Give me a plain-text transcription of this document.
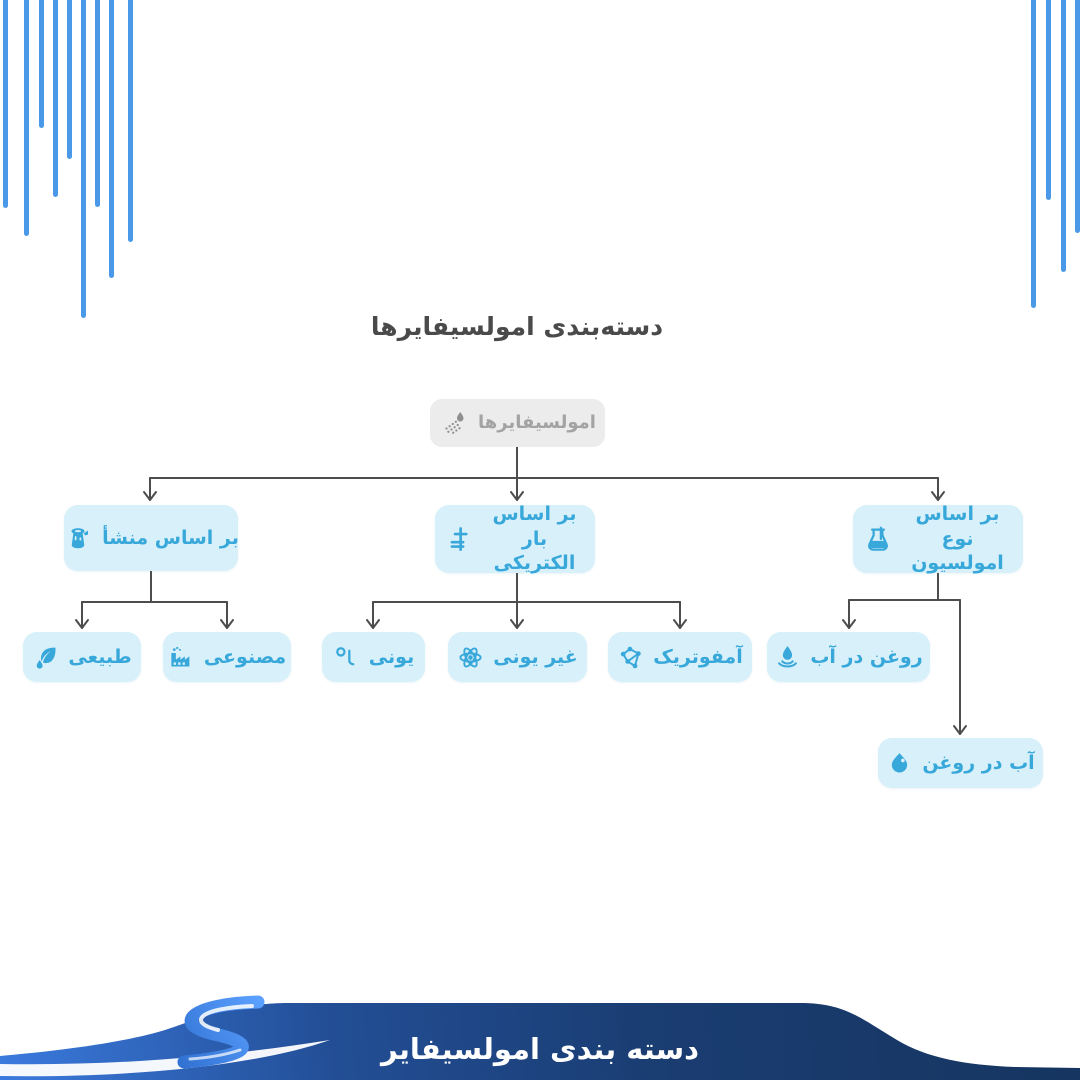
دسته‌بندی امولسیفایرها
امولسیفایرها
بر اساس منشأ
بر اساس بار الکتریکی
بر اساس نوع امولسیون
طبیعی	مصنوعی	یونی	غیر یونی	آمفوتریک	روغن در آب
آب در روغن
دسته بندی امولسیفایر
